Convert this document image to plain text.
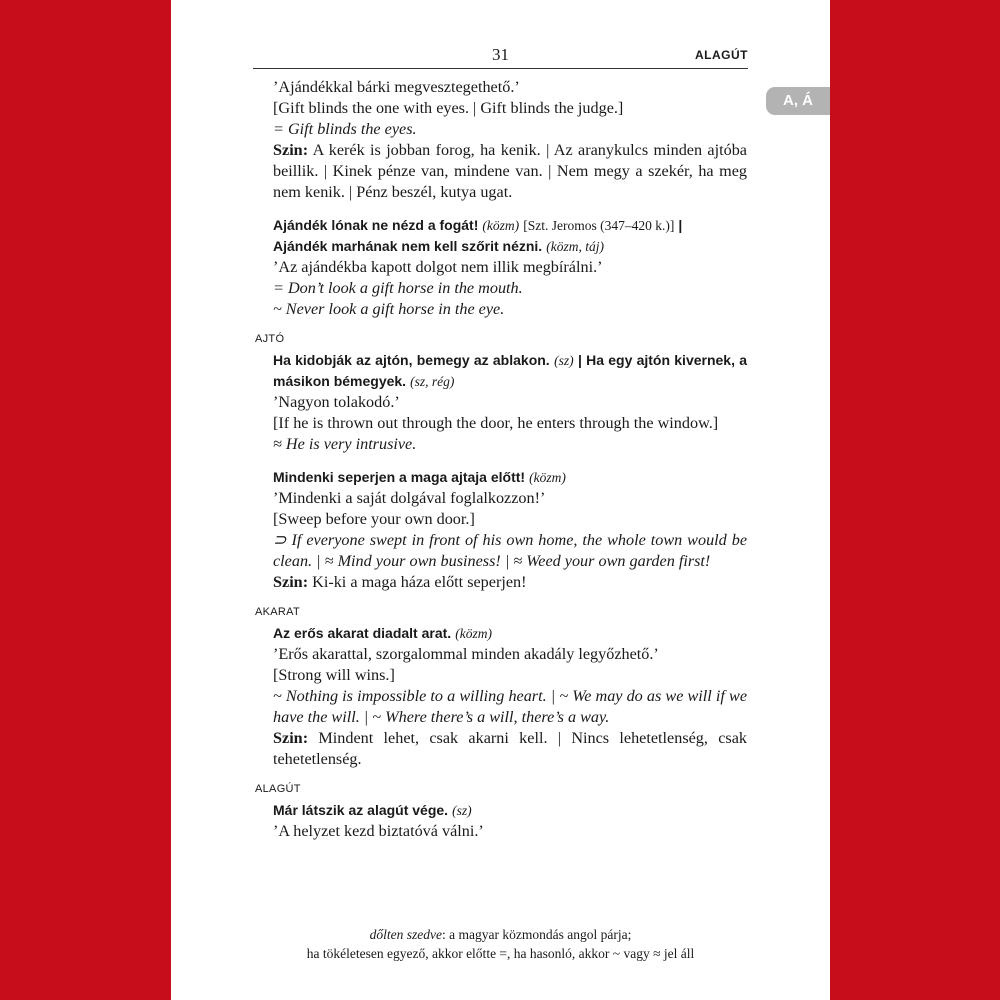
31	ALAGÚT
A, Á
’Ajándékkal bárki megvesztegethető.’
[Gift blinds the one with eyes. | Gift blinds the judge.]
= Gift blinds the eyes.
Szin: A kerék is jobban forog, ha kenik. | Az aranykulcs minden ajtóba beillik. | Kinek pénze van, mindene van. | Nem megy a szekér, ha meg nem kenik. | Pénz beszél, kutya ugat.
Ajándék lónak ne nézd a fogát! (közm) [Szt. Jeromos (347–420 k.)] |
Ajándék marhának nem kell szőrit nézni. (közm, táj)
’Az ajándékba kapott dolgot nem illik megbírálni.’
= Don’t look a gift horse in the mouth.
~ Never look a gift horse in the eye.
AJTÓ
Ha kidobják az ajtón, bemegy az ablakon. (sz) | Ha egy ajtón kivernek, a másikon bémegyek. (sz, rég)
’Nagyon tolakodó.’
[If he is thrown out through the door, he enters through the window.]
≈ He is very intrusive.
Mindenki seperjen a maga ajtaja előtt! (közm)
’Mindenki a saját dolgával foglalkozzon!’
[Sweep before your own door.]
⊃ If everyone swept in front of his own home, the whole town would be clean. | ≈ Mind your own business! | ≈ Weed your own garden first!
Szin: Ki-ki a maga háza előtt seperjen!
AKARAT
Az erős akarat diadalt arat. (közm)
’Erős akarattal, szorgalommal minden akadály legyőzhető.’
[Strong will wins.]
~ Nothing is impossible to a willing heart. | ~ We may do as we will if we have the will. | ~ Where there’s a will, there’s a way.
Szin: Mindent lehet, csak akarni kell. | Nincs lehetetlenség, csak tehetetlenség.
ALAGÚT
Már látszik az alagút vége. (sz)
’A helyzet kezd biztatóvá válni.’
dőlten szedve: a magyar közmondás angol párja;
ha tökéletesen egyező, akkor előtte =, ha hasonló, akkor ~ vagy ≈ jel áll
